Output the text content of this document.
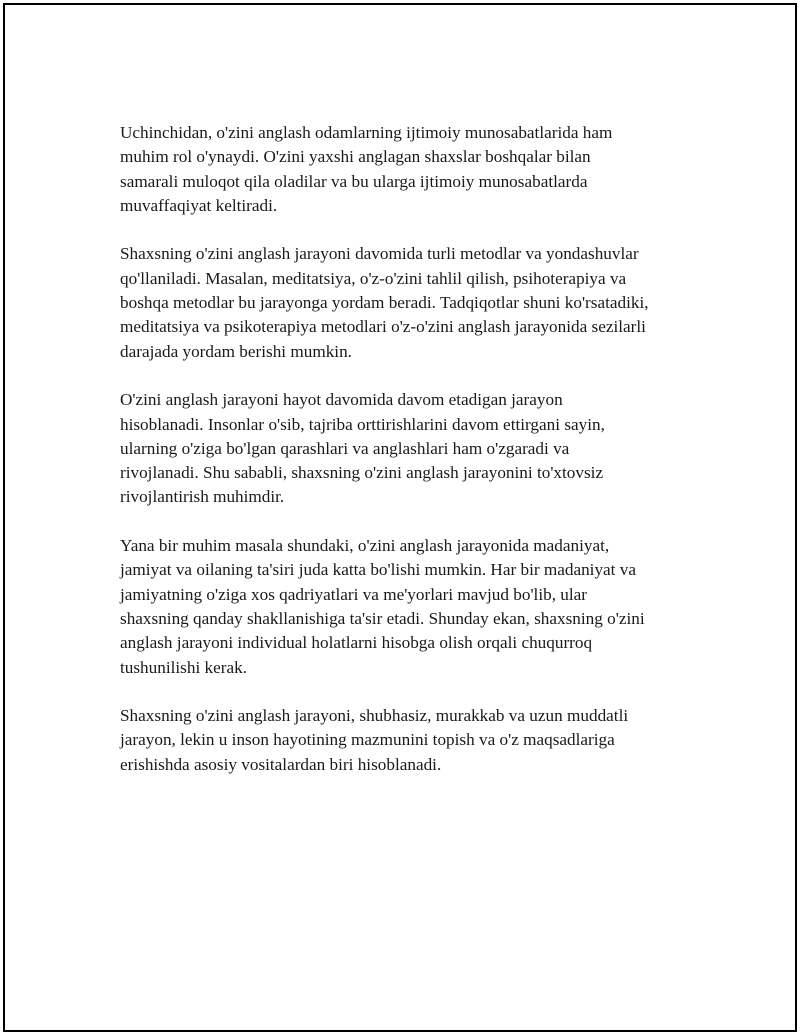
Uchinchidan, o'zini anglash odamlarning ijtimoiy munosabatlarida ham
muhim rol o'ynaydi. O'zini yaxshi anglagan shaxslar boshqalar bilan
samarali muloqot qila oladilar va bu ularga ijtimoiy munosabatlarda
muvaffaqiyat keltiradi.

Shaxsning o'zini anglash jarayoni davomida turli metodlar va yondashuvlar
qo'llaniladi. Masalan, meditatsiya, o'z-o'zini tahlil qilish, psihoterapiya va
boshqa metodlar bu jarayonga yordam beradi. Tadqiqotlar shuni ko'rsatadiki,
meditatsiya va psikoterapiya metodlari o'z-o'zini anglash jarayonida sezilarli
darajada yordam berishi mumkin.

O'zini anglash jarayoni hayot davomida davom etadigan jarayon
hisoblanadi. Insonlar o'sib, tajriba orttirishlarini davom ettirgani sayin,
ularning o'ziga bo'lgan qarashlari va anglashlari ham o'zgaradi va
rivojlanadi. Shu sababli, shaxsning o'zini anglash jarayonini to'xtovsiz
rivojlantirish muhimdir.

Yana bir muhim masala shundaki, o'zini anglash jarayonida madaniyat,
jamiyat va oilaning ta'siri juda katta bo'lishi mumkin. Har bir madaniyat va
jamiyatning o'ziga xos qadriyatlari va me'yorlari mavjud bo'lib, ular
shaxsning qanday shakllanishiga ta'sir etadi. Shunday ekan, shaxsning o'zini
anglash jarayoni individual holatlarni hisobga olish orqali chuqurroq
tushunilishi kerak.

Shaxsning o'zini anglash jarayoni, shubhasiz, murakkab va uzun muddatli
jarayon, lekin u inson hayotining mazmunini topish va o'z maqsadlariga
erishishda asosiy vositalardan biri hisoblanadi.
